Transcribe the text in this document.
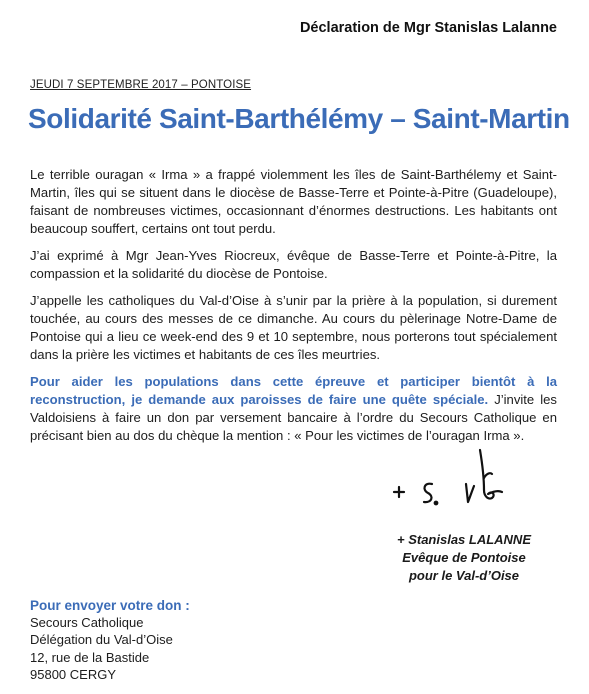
Déclaration de Mgr Stanislas Lalanne
JEUDI 7 SEPTEMBRE 2017 – PONTOISE
Solidarité Saint-Barthélémy – Saint-Martin

Le terrible ouragan « Irma » a frappé violemment les îles de Saint-Barthélemy et Saint-Martin, îles qui se situent dans le diocèse de Basse-Terre et Pointe-à-Pitre (Guadeloupe), faisant de nombreuses victimes, occasionnant d’énormes destructions. Les habitants ont beaucoup souffert, certains ont tout perdu.

J’ai exprimé à Mgr Jean-Yves Riocreux, évêque de Basse-Terre et Pointe-à-Pitre, la compassion et la solidarité du diocèse de Pontoise.

J’appelle les catholiques du Val-d’Oise à s’unir par la prière à la population, si durement touchée, au cours des messes de ce dimanche. Au cours du pèlerinage Notre-Dame de Pontoise qui a lieu ce week-end des 9 et 10 septembre, nous porterons tout spécialement dans la prière les victimes et habitants de ces îles meurtries.

Pour aider les populations dans cette épreuve et participer bientôt à la reconstruction, je demande aux paroisses de faire une quête spéciale. J’invite les Valdoisiens à faire un don par versement bancaire à l’ordre du Secours Catholique en précisant bien au dos du chèque la mention : « Pour les victimes de l’ouragan Irma ».

+ Stanislas LALANNE
Evêque de Pontoise
pour le Val-d’Oise
Pour envoyer votre don :
Secours Catholique
Délégation du Val-d’Oise
12, rue de la Bastide
95800 CERGY
